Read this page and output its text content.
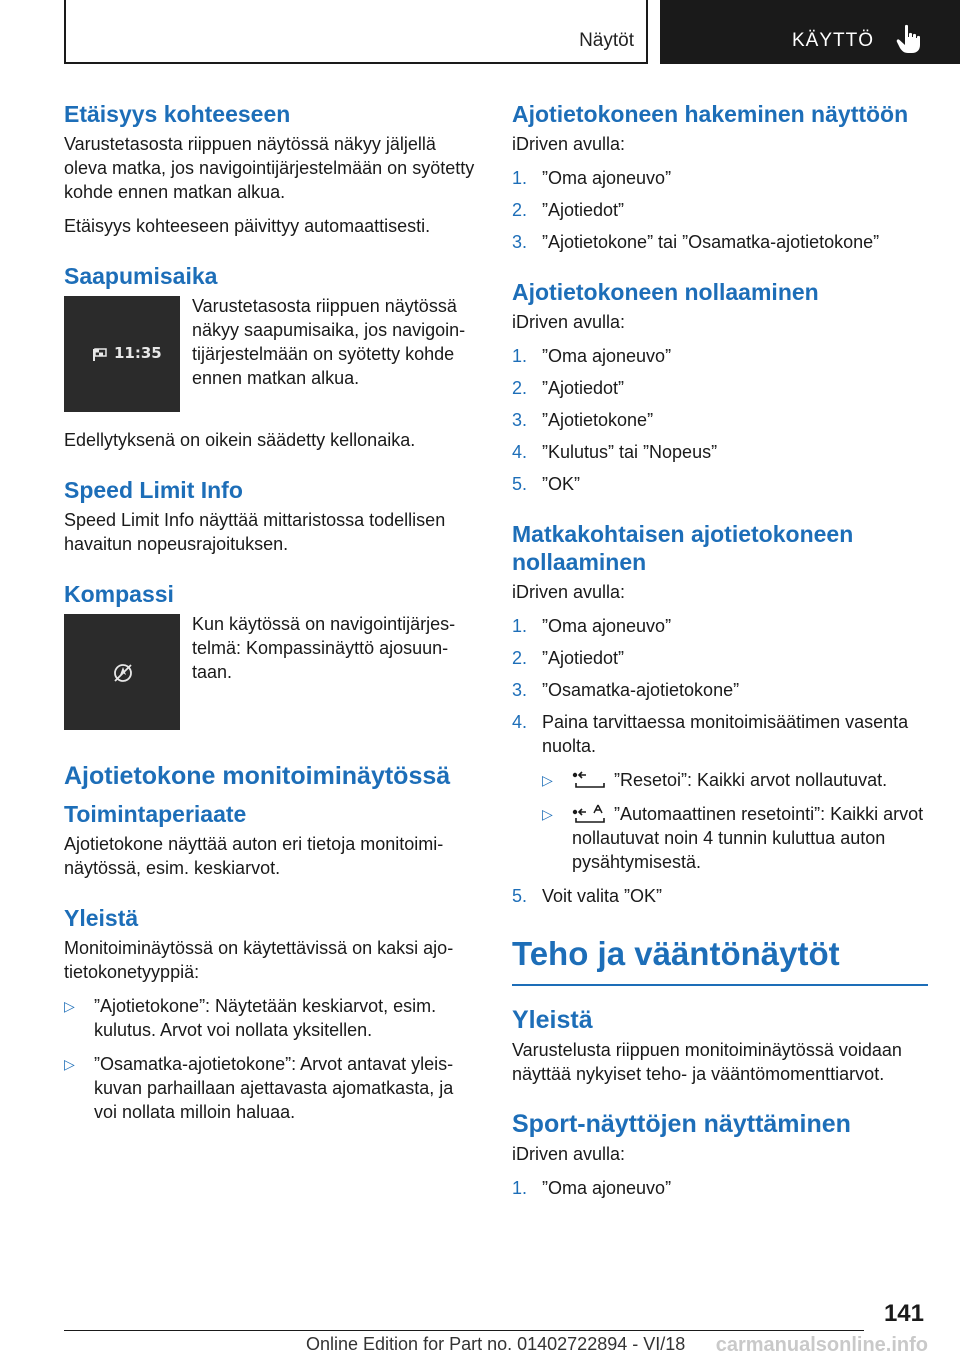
Näytöt	KÄYTTÖ
Etäisyys kohteeseen

Varustetasosta riippuen näytössä näkyy jäljellä oleva matka, jos navigointijärjestelmään on syötetty kohde ennen matkan alkua.

Etäisyys kohteeseen päivittyy automaattisesti.

Saapumisaika
11:35
Varustetasosta riippuen näytössä näkyy saapumisaika, jos navigointijärjestelmään on syötetty kohde ennen matkan alkua.

Edellytyksenä on oikein säädetty kellonaika.

Speed Limit Info

Speed Limit Info näyttää mittaristossa todellisen havaitun nopeusrajoituksen.

Kompassi
Kun käytössä on navigointijärjestelmä: Kompassinäyttö ajosuuntaan.
Ajotietokone monitoiminäytössä
Toimintaperiaate

Ajotietokone näyttää auton eri tietoja monitoiminäytössä, esim. keskiarvot.

Yleistä

Monitoiminäytössä on käytettävissä on kaksi ajotietokonetyyppiä:

▷ ”Ajotietokone”: Näytetään keskiarvot, esim. kulutus. Arvot voi nollata yksitellen.
▷ ”Osamatka-ajotietokone”: Arvot antavat yleiskuvan parhaillaan ajettavasta ajomatkasta, ja voi nollata milloin haluaa.
Ajotietokoneen hakeminen näyttöön

iDriven avulla:

1. ”Oma ajoneuvo”
2. ”Ajotiedot”
3. ”Ajotietokone” tai ”Osamatka-ajotietokone”
Ajotietokoneen nollaaminen

iDriven avulla:

1. ”Oma ajoneuvo”
2. ”Ajotiedot”
3. ”Ajotietokone”
4. ”Kulutus” tai ”Nopeus”
5. ”OK”
Matkakohtaisen ajotietokoneen nollaaminen

iDriven avulla:

1. ”Oma ajoneuvo”
2. ”Ajotiedot”
3. ”Osamatka-ajotietokone”
4. Paina tarvittaessa monitoimisäätimen vasenta nuolta.
▷	”Resetoi”: Kaikki arvot nollautuvat.
▷	”Automaattinen resetointi”: Kaikki arvot nollautuvat noin 4 tunnin kuluttua auton pysähtymisestä.
5. Voit valita ”OK”
Teho ja vääntönäytöt
Yleistä

Varustelusta riippuen monitoiminäytössä voidaan näyttää nykyiset teho- ja vääntömomenttiarvot.

Sport-näyttöjen näyttäminen

iDriven avulla:

1. ”Oma ajoneuvo”
141
Online Edition for Part no. 01402722894 - VI/18 carmanualsonline.info
